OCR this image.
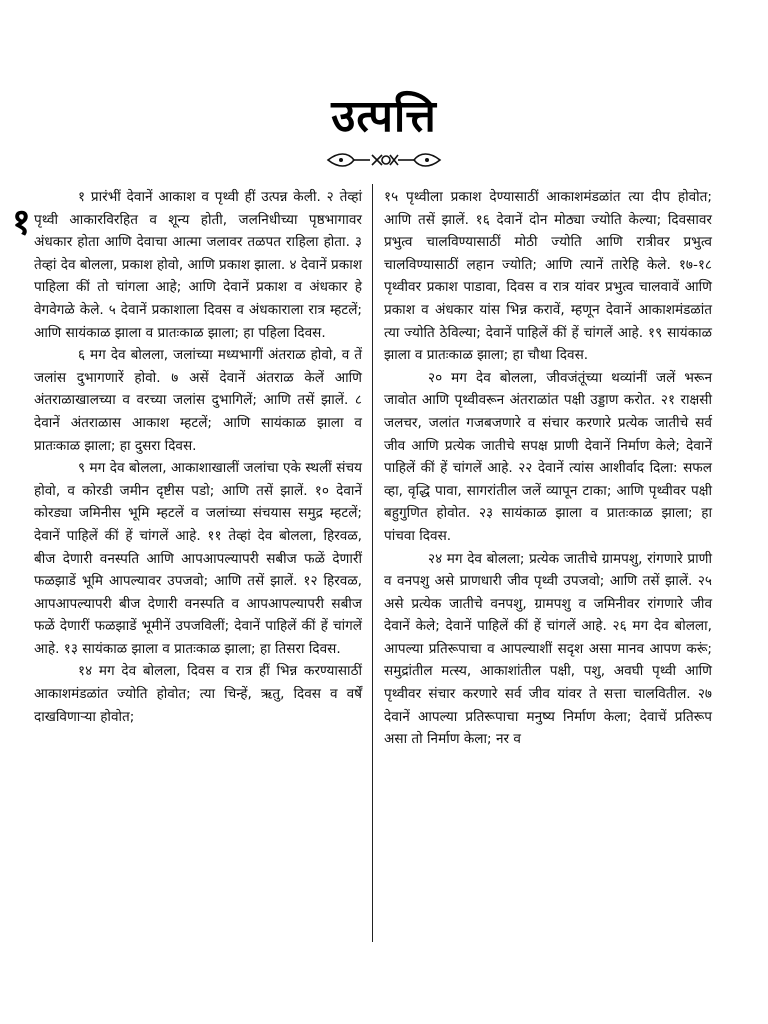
उत्पत्ति
१

१ प्रारंभीं देवानें आकाश व पृथ्वी हीं उत्पन्न केली. २ तेव्हां पृथ्वी आकारविरहित व शून्य होती, जलनिधीच्या पृष्ठभागावर अंधकार होता आणि देवाचा आत्मा जलावर तळपत राहिला होता. ३ तेव्हां देव बोलला, प्रकाश होवो, आणि प्रकाश झाला. ४ देवानें प्रकाश पाहिला कीं तो चांगला आहे; आणि देवानें प्रकाश व अंधकार हे वेगवेगळे केले. ५ देवानें प्रकाशाला दिवस व अंधकाराला रात्र म्हटलें; आणि सायंकाळ झाला व प्रातःकाळ झाला; हा पहिला दिवस.

६ मग देव बोलला, जलांच्या मध्यभागीं अंतराळ होवो, व तें जलांस दुभागणारें होवो. ७ असें देवानें अंतराळ केलें आणि अंतराळाखालच्या व वरच्या जलांस दुभागिलें; आणि तसें झालें. ८ देवानें अंतराळास आकाश म्हटलें; आणि सायंकाळ झाला व प्रातःकाळ झाला; हा दुसरा दिवस.

९ मग देव बोलला, आकाशाखालीं जलांचा एके स्थलीं संचय होवो, व कोरडी जमीन दृष्टीस पडो; आणि तसें झालें. १० देवानें कोरड्या जमिनीस भूमि म्हटलें व जलांच्या संचयास समुद्र म्हटलें; देवानें पाहिलें कीं हें चांगलें आहे. ११ तेव्हां देव बोलला, हिरवळ, बीज देणारी वनस्पति आणि आपआपल्यापरी सबीज फळें देणारीं फळझाडें भूमि आपल्यावर उपजवो; आणि तसें झालें. १२ हिरवळ, आपआपल्यापरी बीज देणारी वनस्पति व आपआपल्यापरी सबीज फळें देणारीं फळझाडें भूमीनें उपजविलीं; देवानें पाहिलें कीं हें चांगलें आहे. १३ सायंकाळ झाला व प्रातःकाळ झाला; हा तिसरा दिवस.

१४ मग देव बोलला, दिवस व रात्र हीं भिन्न करण्यासाठीं आकाशमंडळांत ज्योति होवोत; त्या चिन्हें, ऋतु, दिवस व वर्षें दाखविणाऱ्या होवोत;

१५ पृथ्वीला प्रकाश देण्यासाठीं आकाशमंडळांत त्या दीप होवोत; आणि तसें झालें. १६ देवानें दोन मोठ्या ज्योति केल्या; दिवसावर प्रभुत्व चालविण्यासाठीं मोठी ज्योति आणि रात्रीवर प्रभुत्व चालविण्यासाठीं लहान ज्योति; आणि त्यानें तारेहि केले. १७-१८ पृथ्वीवर प्रकाश पाडावा, दिवस व रात्र यांवर प्रभुत्व चालवावें आणि प्रकाश व अंधकार यांस भिन्न करावें, म्हणून देवानें आकाशमंडळांत त्या ज्योति ठेविल्या; देवानें पाहिलें कीं हें चांगलें आहे. १९ सायंकाळ झाला व प्रातःकाळ झाला; हा चौथा दिवस.

२० मग देव बोलला, जीवजंतूंच्या थव्यांनीं जलें भरून जावोत आणि पृथ्वीवरून अंतराळांत पक्षी उड्डाण करोत. २१ राक्षसी जलचर, जलांत गजबजणारे व संचार करणारे प्रत्येक जातीचे सर्व जीव आणि प्रत्येक जातीचे सपक्ष प्राणी देवानें निर्माण केले; देवानें पाहिलें कीं हें चांगलें आहे. २२ देवानें त्यांस आशीर्वाद दिला: सफल व्हा, वृद्धि पावा, सागरांतील जलें व्यापून टाका; आणि पृथ्वीवर पक्षी बहुगुणित होवोत. २३ सायंकाळ झाला व प्रातःकाळ झाला; हा पांचवा दिवस.

२४ मग देव बोलला; प्रत्येक जातीचे ग्रामपशु, रांगणारे प्राणी व वनपशु असे प्राणधारी जीव पृथ्वी उपजवो; आणि तसें झालें. २५ असे प्रत्येक जातीचे वनपशु, ग्रामपशु व जमिनीवर रांगणारे जीव देवानें केले; देवानें पाहिलें कीं हें चांगलें आहे. २६ मग देव बोलला, आपल्या प्रतिरूपाचा व आपल्याशीं सदृश असा मानव आपण करूं; समुद्रांतील मत्स्य, आकाशांतील पक्षी, पशु, अवघी पृथ्वी आणि पृथ्वीवर संचार करणारे सर्व जीव यांवर ते सत्ता चालवितील. २७ देवानें आपल्या प्रतिरूपाचा मनुष्य निर्माण केला; देवाचें प्रतिरूप असा तो निर्माण केला; नर व
